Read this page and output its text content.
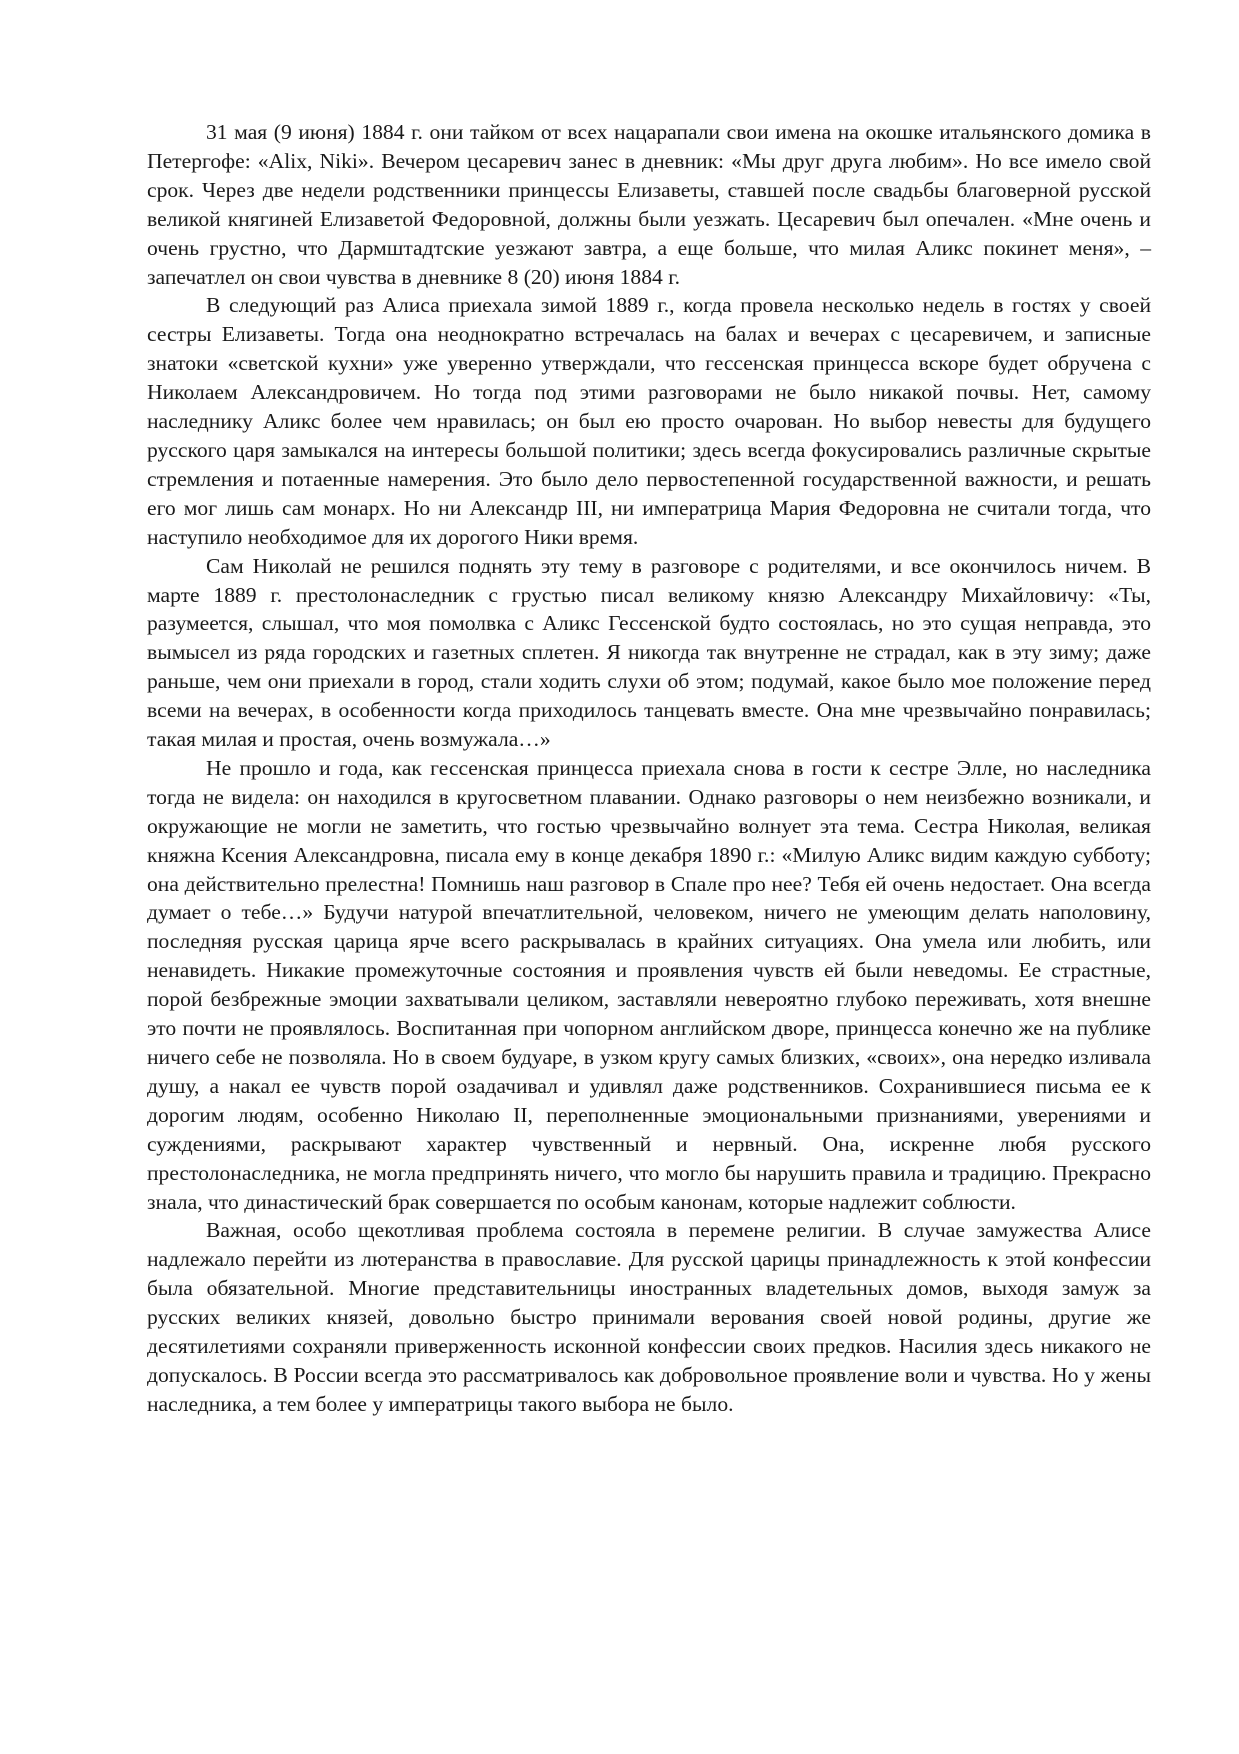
31 мая (9 июня) 1884 г. они тайком от всех нацарапали свои имена на окошке итальянского домика в Петергофе: «Alix, Niki». Вечером цесаревич занес в дневник: «Мы друг друга любим». Но все имело свой срок. Через две недели родственники принцессы Елизаветы, ставшей после свадьбы благоверной русской великой княгиней Елизаветой Федоровной, должны были уезжать. Цесаревич был опечален. «Мне очень и очень грустно, что Дармштадтские уезжают завтра, а еще больше, что милая Аликс покинет меня», – запечатлел он свои чувства в дневнике 8 (20) июня 1884 г.

В следующий раз Алиса приехала зимой 1889 г., когда провела несколько недель в гостях у своей сестры Елизаветы. Тогда она неоднократно встречалась на балах и вечерах с цесаревичем, и записные знатоки «светской кухни» уже уверенно утверждали, что гессенская принцесса вскоре будет обручена с Николаем Александровичем. Но тогда под этими разговорами не было никакой почвы. Нет, самому наследнику Аликс более чем нравилась; он был ею просто очарован. Но выбор невесты для будущего русского царя замыкался на интересы большой политики; здесь всегда фокусировались различные скрытые стремления и потаенные намерения. Это было дело первостепенной государственной важности, и решать его мог лишь сам монарх. Но ни Александр III, ни императрица Мария Федоровна не считали тогда, что наступило необходимое для их дорогого Ники время.

Сам Николай не решился поднять эту тему в разговоре с родителями, и все окончилось ничем. В марте 1889 г. престолонаследник с грустью писал великому князю Александру Михайловичу: «Ты, разумеется, слышал, что моя помолвка с Аликс Гессенской будто состоялась, но это сущая неправда, это вымысел из ряда городских и газетных сплетен. Я никогда так внутренне не страдал, как в эту зиму; даже раньше, чем они приехали в город, стали ходить слухи об этом; подумай, какое было мое положение перед всеми на вечерах, в особенности когда приходилось танцевать вместе. Она мне чрезвычайно понравилась; такая милая и простая, очень возмужала…»

Не прошло и года, как гессенская принцесса приехала снова в гости к сестре Элле, но наследника тогда не видела: он находился в кругосветном плавании. Однако разговоры о нем неизбежно возникали, и окружающие не могли не заметить, что гостью чрезвычайно волнует эта тема. Сестра Николая, великая княжна Ксения Александровна, писала ему в конце декабря 1890 г.: «Милую Аликс видим каждую субботу; она действительно прелестна! Помнишь наш разговор в Спале про нее? Тебя ей очень недостает. Она всегда думает о тебе…» Будучи натурой впечатлительной, человеком, ничего не умеющим делать наполовину, последняя русская царица ярче всего раскрывалась в крайних ситуациях. Она умела или любить, или ненавидеть. Никакие промежуточные состояния и проявления чувств ей были неведомы. Ее страстные, порой безбрежные эмоции захватывали целиком, заставляли невероятно глубоко переживать, хотя внешне это почти не проявлялось. Воспитанная при чопорном английском дворе, принцесса конечно же на публике ничего себе не позволяла. Но в своем будуаре, в узком кругу самых близких, «своих», она нередко изливала душу, а накал ее чувств порой озадачивал и удивлял даже родственников. Сохранившиеся письма ее к дорогим людям, особенно Николаю II, переполненные эмоциональными признаниями, уверениями и суждениями, раскрывают характер чувственный и нервный. Она, искренне любя русского престолонаследника, не могла предпринять ничего, что могло бы нарушить правила и традицию. Прекрасно знала, что династический брак совершается по особым канонам, которые надлежит соблюсти.

Важная, особо щекотливая проблема состояла в перемене религии. В случае замужества Алисе надлежало перейти из лютеранства в православие. Для русской царицы принадлежность к этой конфессии была обязательной. Многие представительницы иностранных владетельных домов, выходя замуж за русских великих князей, довольно быстро принимали верования своей новой родины, другие же десятилетиями сохраняли приверженность исконной конфессии своих предков. Насилия здесь никакого не допускалось. В России всегда это рассматривалось как добровольное проявление воли и чувства. Но у жены наследника, а тем более у императрицы такого выбора не было.
